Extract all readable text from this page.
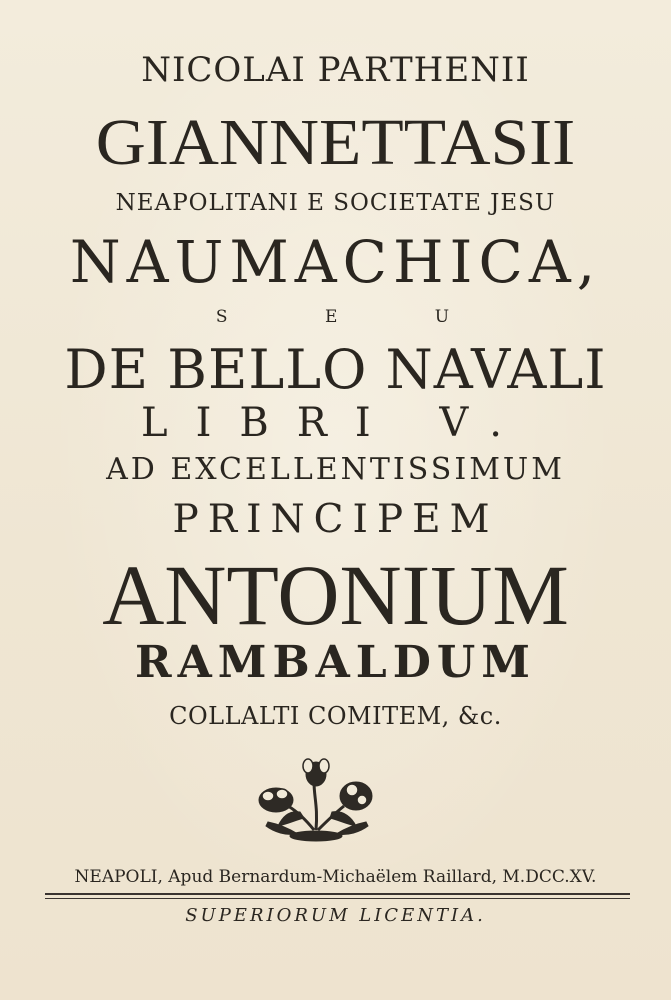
NICOLAI PARTHENII
GIANNETTASII
NEAPOLITANI E SOCIETATE JESU
NAUMACHICA,
S E U
DE BELLO NAVALI
LIBRI V.
AD EXCELLENTISSIMUM
PRINCIPEM
ANTONIUM
RAMBALDUM
COLLALTI COMITEM, &c.
NEAPOLI, Apud Bernardum-Michaëlem Raillard, M.DCC.XV.
SUPERIORUM LICENTIA.
